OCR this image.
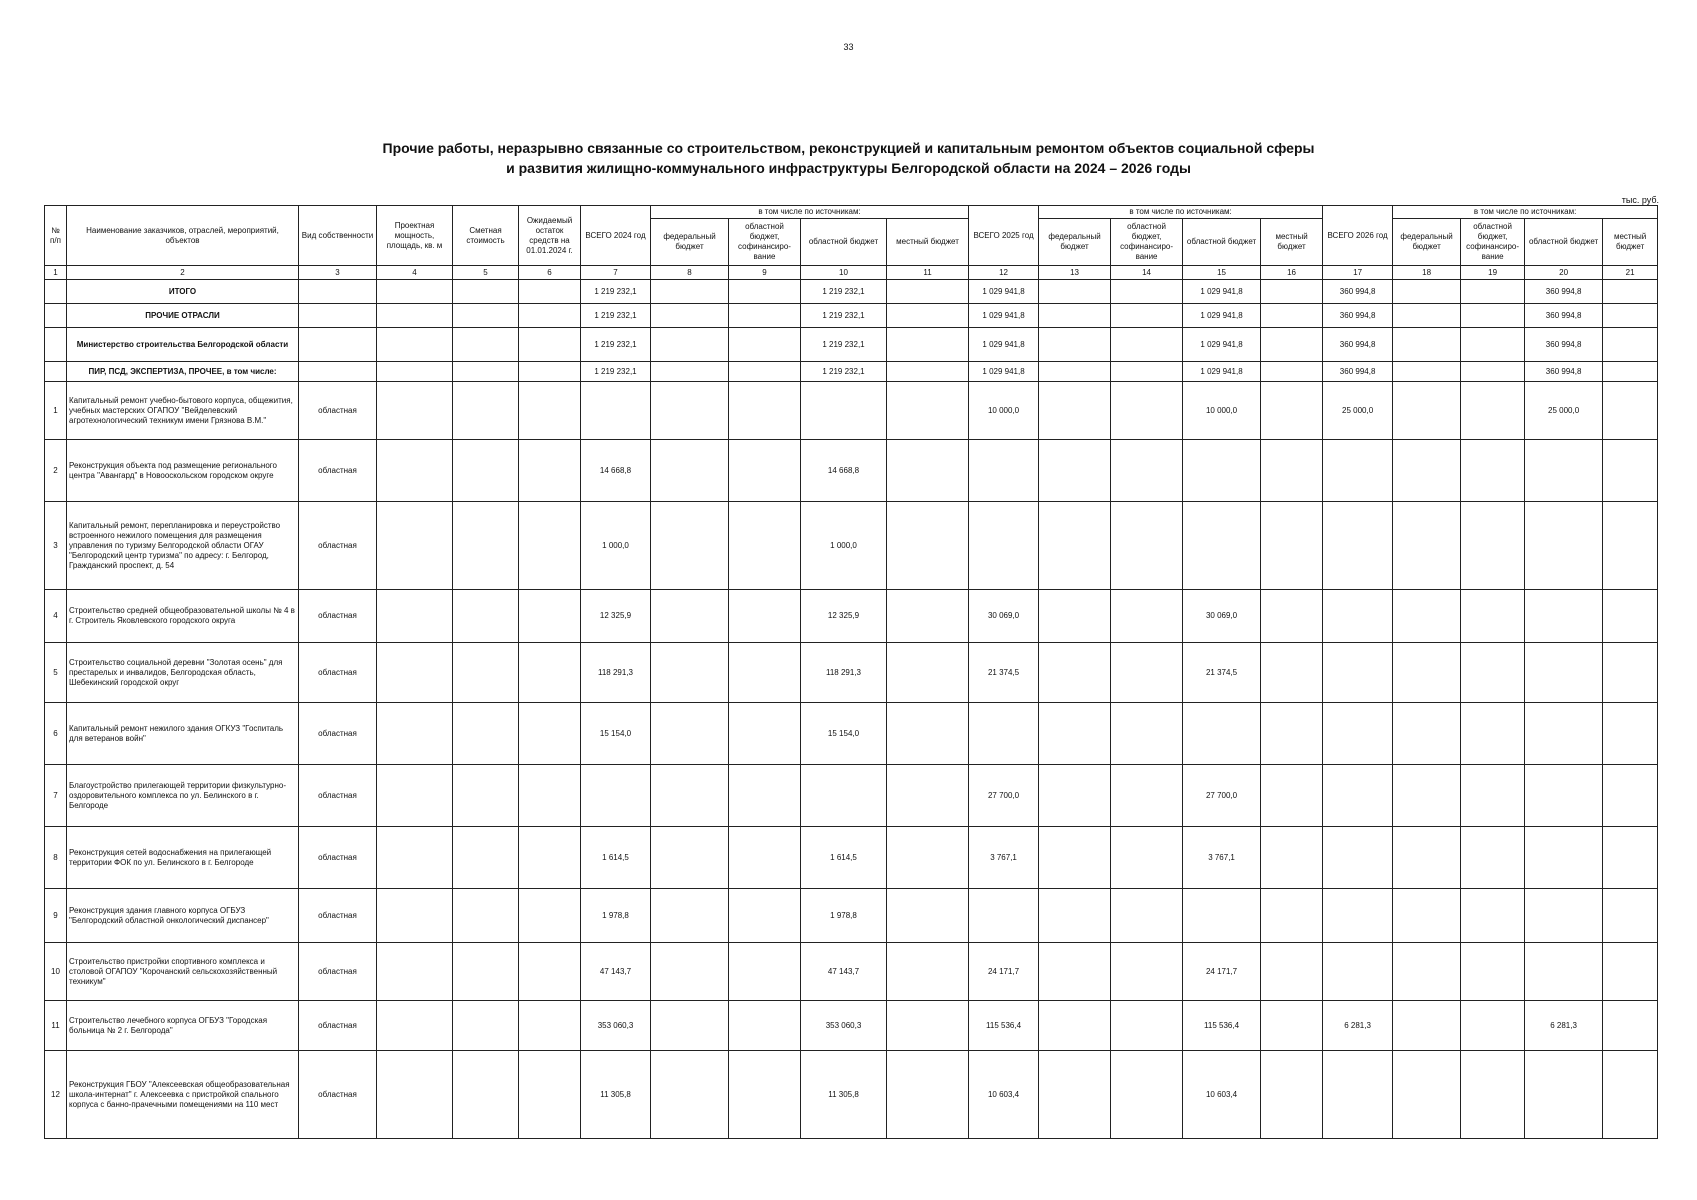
33
Прочие работы, неразрывно связанные со строительством, реконструкцией и капитальным ремонтом объектов социальной сферы
и развития жилищно-коммунального инфраструктуры Белгородской области на 2024 – 2026 годы
тыс. руб.
№ п/п	Наименование заказчиков, отраслей, мероприятий, объектов	Вид собственности	Проектная мощность, площадь, кв. м	Сметная стоимость	Ожидаемый остаток средств на 01.01.2024 г.	ВСЕГО 2024 год	в том числе по источникам:				ВСЕГО 2025 год	в том числе по источникам:				ВСЕГО 2026 год	в том числе по источникам:			
							федеральный бюджет	областной бюджет, софинансиро-вание	областной бюджет	местный бюджет		федеральный бюджет	областной бюджет, софинансиро-вание	областной бюджет	местный бюджет		федеральный бюджет	областной бюджет, софинансиро-вание	областной бюджет	местный бюджет
1	2	3	4	5	6	7	8	9	10	11	12	13	14	15	16	17	18	19	20	21
	ИТОГО					1 219 232,1			1 219 232,1		1 029 941,8			1 029 941,8		360 994,8			360 994,8	
	ПРОЧИЕ ОТРАСЛИ					1 219 232,1			1 219 232,1		1 029 941,8			1 029 941,8		360 994,8			360 994,8	
	Министерство строительства Белгородской области					1 219 232,1			1 219 232,1		1 029 941,8			1 029 941,8		360 994,8			360 994,8	
	ПИР, ПСД, ЭКСПЕРТИЗА, ПРОЧЕЕ, в том числе:					1 219 232,1			1 219 232,1		1 029 941,8			1 029 941,8		360 994,8			360 994,8	
1	Капитальный ремонт учебно-бытового корпуса, общежития, учебных мастерских ОГАПОУ "Вейделевский агротехнологический техникум имени Грязнова В.М."	областная									10 000,0			10 000,0		25 000,0			25 000,0	
2	Реконструкция объекта под размещение регионального центра "Авангард" в Новооскольском городском округе	областная				14 668,8			14 668,8											
3	Капитальный ремонт, перепланировка и переустройство встроенного нежилого помещения для размещения управления по туризму Белгородской области ОГАУ "Белгородский центр туризма" по адресу: г. Белгород, Гражданский проспект, д. 54	областная				1 000,0			1 000,0											
4	Строительство средней общеобразовательной школы № 4 в г. Строитель Яковлевского городского округа	областная				12 325,9			12 325,9		30 069,0			30 069,0						
5	Строительство социальной деревни "Золотая осень" для престарелых и инвалидов, Белгородская область, Шебекинский городской округ	областная				118 291,3			118 291,3		21 374,5			21 374,5						
6	Капитальный ремонт нежилого здания ОГКУЗ "Госпиталь для ветеранов войн"	областная				15 154,0			15 154,0											
7	Благоустройство прилегающей территории физкультурно-оздоровительного комплекса по ул. Белинского в г. Белгороде	областная									27 700,0			27 700,0						
8	Реконструкция сетей водоснабжения на прилегающей территории ФОК по ул. Белинского в г. Белгороде	областная				1 614,5			1 614,5		3 767,1			3 767,1						
9	Реконструкция здания главного корпуса ОГБУЗ "Белгородский областной онкологический диспансер"	областная				1 978,8			1 978,8											
10	Строительство пристройки спортивного комплекса и столовой ОГАПОУ "Корочанский сельскохозяйственный техникум"	областная				47 143,7			47 143,7		24 171,7			24 171,7						
11	Строительство лечебного корпуса ОГБУЗ "Городская больница № 2 г. Белгорода"	областная				353 060,3			353 060,3		115 536,4			115 536,4		6 281,3			6 281,3	
12	Реконструкция ГБОУ "Алексеевская общеобразовательная школа-интернат" г. Алексеевка с пристройкой спального корпуса с банно-прачечными помещениями на 110 мест	областная				11 305,8			11 305,8		10 603,4			10 603,4						
